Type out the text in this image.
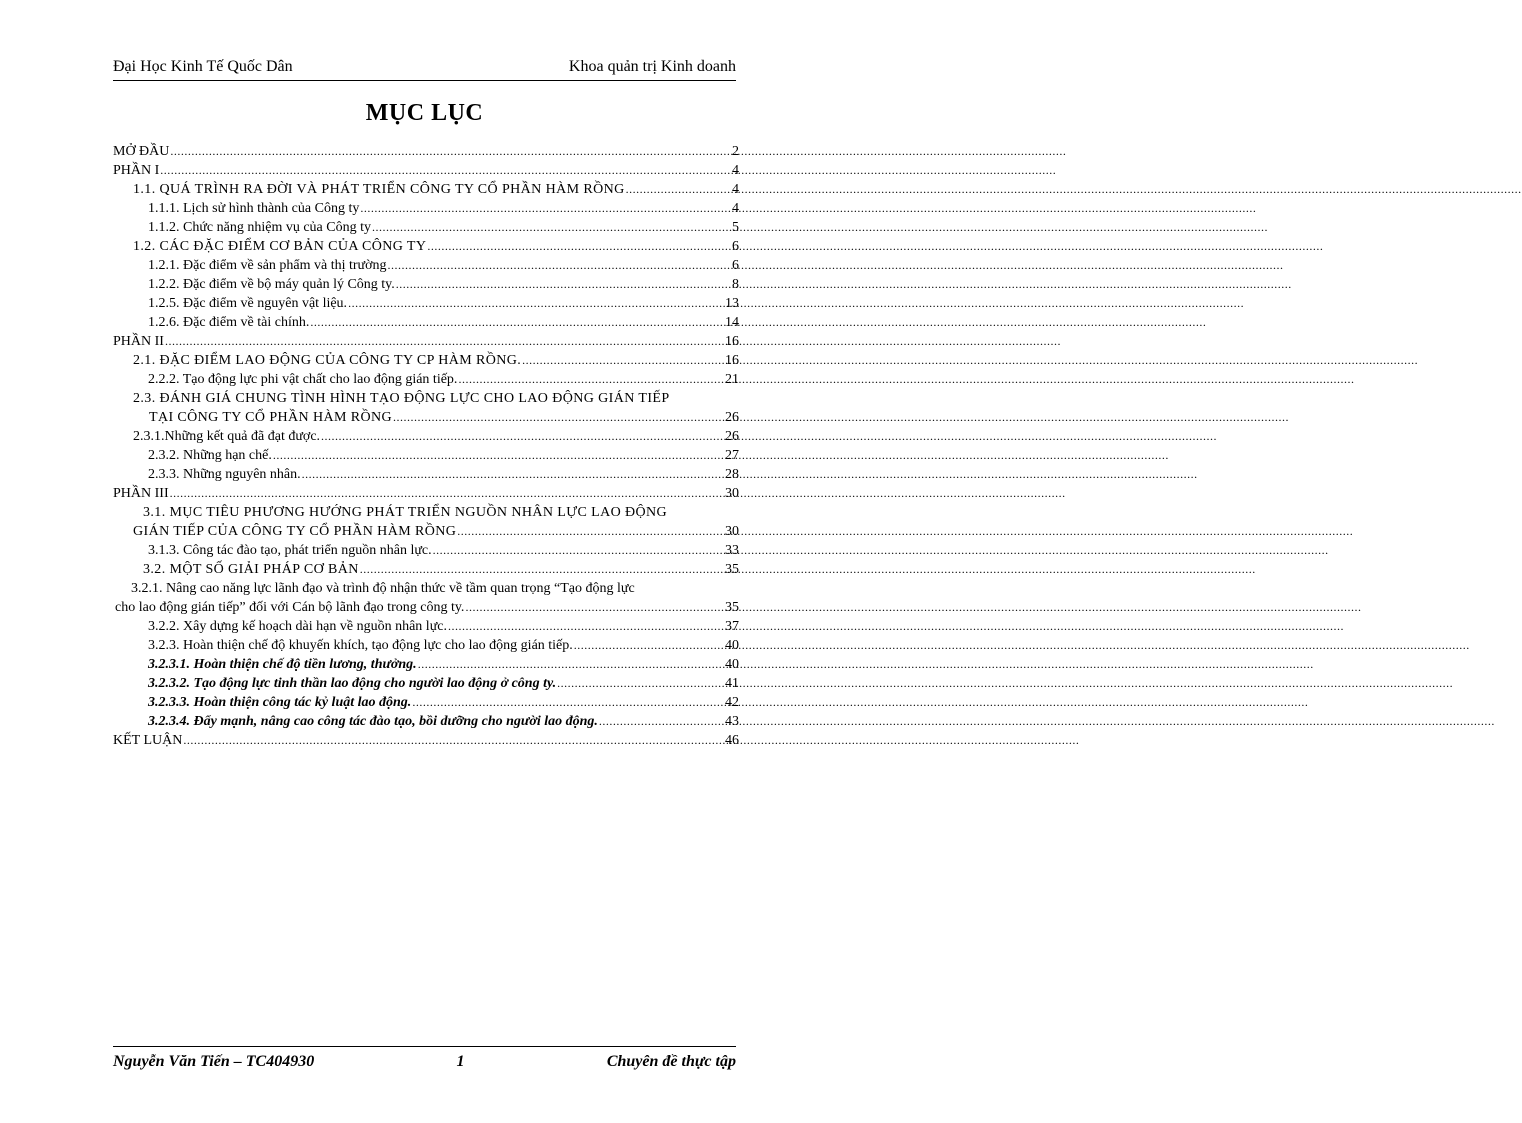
Đại Học Kinh Tế Quốc Dân	Khoa quản trị Kinh doanh
MỤC LỤC
MỞ ĐẦU .....	2
PHẦN I .....	4
1.1. QUÁ TRÌNH RA ĐỜI VÀ PHÁT TRIỂN CÔNG TY CỔ PHẦN HÀM RỒNG .....	4
1.1.1. Lịch sử hình thành của Công ty .....	4
1.1.2. Chức năng nhiệm vụ của Công ty .....	5
1.2. CÁC ĐẶC ĐIỂM CƠ BẢN CỦA CÔNG TY .....	6
1.2.1. Đặc điểm về sản phẩm và thị trường .....	6
1.2.2. Đặc điểm về bộ máy quản lý Công ty. .....	8
1.2.5. Đặc điểm về nguyên vật liệu. .....	13
1.2.6. Đặc điểm về tài chính. .....	14
PHẦN II .....	16
2.1. ĐẶC ĐIỂM LAO ĐỘNG CỦA CÔNG TY CP HÀM RỒNG. .....	16
2.2.2. Tạo động lực phi vật chất cho lao động gián tiếp. .....	21
2.3. ĐÁNH GIÁ CHUNG TÌNH HÌNH TẠO ĐỘNG LỰC CHO LAO ĐỘNG GIÁN TIẾP
TẠI CÔNG TY CỔ PHẦN HÀM RỒNG .....	26
2.3.1.Những kết quả đã đạt được. .....	26
2.3.2. Những hạn chế. .....	27
2.3.3. Những nguyên nhân. .....	28
PHẦN III .....	30
3.1. MỤC TIÊU PHƯƠNG HƯỚNG PHÁT TRIỂN NGUỒN NHÂN LỰC LAO ĐỘNG
GIÁN TIẾP CỦA CÔNG TY CỔ PHẦN HÀM RỒNG .....	30
3.1.3. Công tác đào tạo, phát triển nguồn nhân lực. .....	33
3.2. MỘT SỐ GIẢI PHÁP CƠ BẢN .....	35
3.2.1. Nâng cao năng lực lãnh đạo và trình độ nhận thức về tầm quan trọng “Tạo động lực
cho lao động gián tiếp” đối với Cán bộ lãnh đạo trong công ty. .....	35
3.2.2. Xây dựng kế hoạch dài hạn về nguồn nhân lực. .....	37
3.2.3. Hoàn thiện chế độ khuyến khích, tạo động lực cho lao động gián tiếp. .....	40
3.2.3.1. Hoàn thiện chế độ tiền lương, thưởng. .....	40
3.2.3.2. Tạo động lực tinh thần lao động cho người lao động ở công ty. .....	41
3.2.3.3. Hoàn thiện công tác kỷ luật lao động. .....	42
3.2.3.4. Đẩy mạnh, nâng cao công tác đào tạo, bồi dưỡng cho người lao động. .....	43
KẾT LUẬN .....	46
Nguyễn Văn Tiến – TC404930	1	Chuyên đề thực tập
